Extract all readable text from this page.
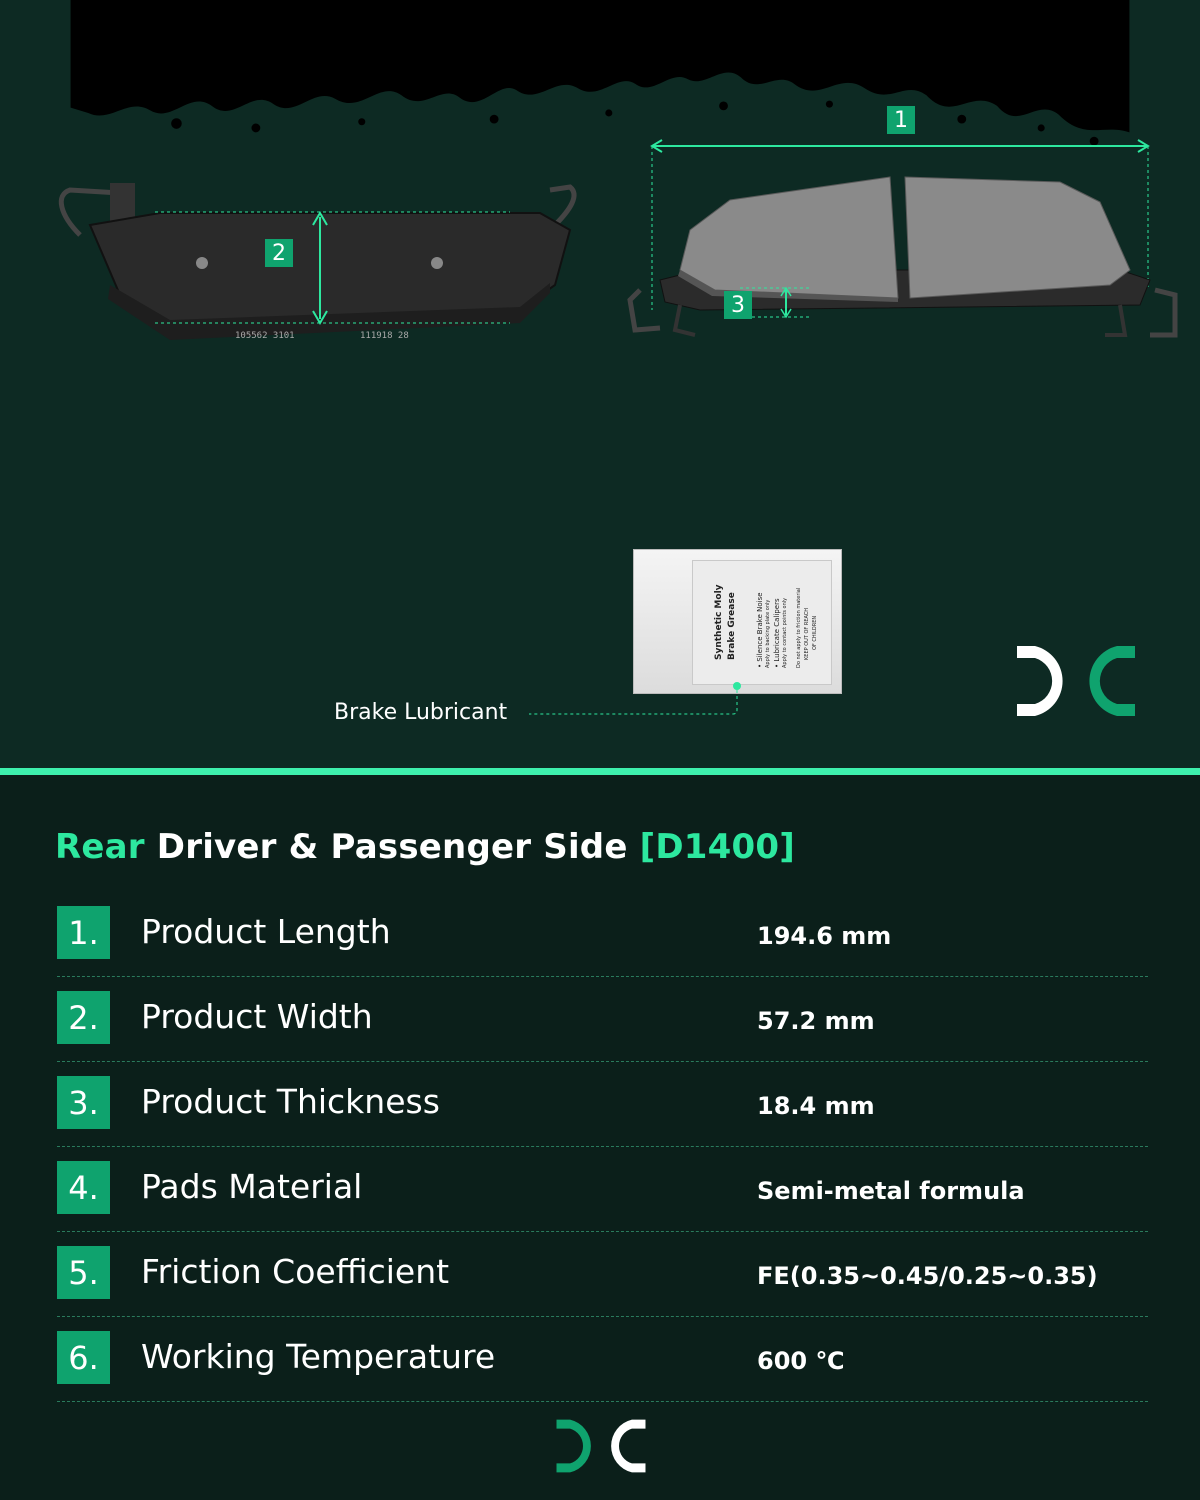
105562 3101	111918 28
2
1
3
Synthetic Moly Brake Grease	• Silence Brake Noise Apply to backing plate only • Lubricate Calipers Apply to contact points only Do not apply to friction material KEEP OUT OF REACH OF CHILDREN
Brake Lubricant
Rear Driver & Passenger Side [D1400]
1.	Product Length	194.6 mm
2.	Product Width	57.2 mm
3.	Product Thickness	18.4 mm
4.	Pads Material	Semi-metal formula
5.	Friction Coefficient	FE(0.35~0.45/0.25~0.35)
6.	Working Temperature	600 ℃
